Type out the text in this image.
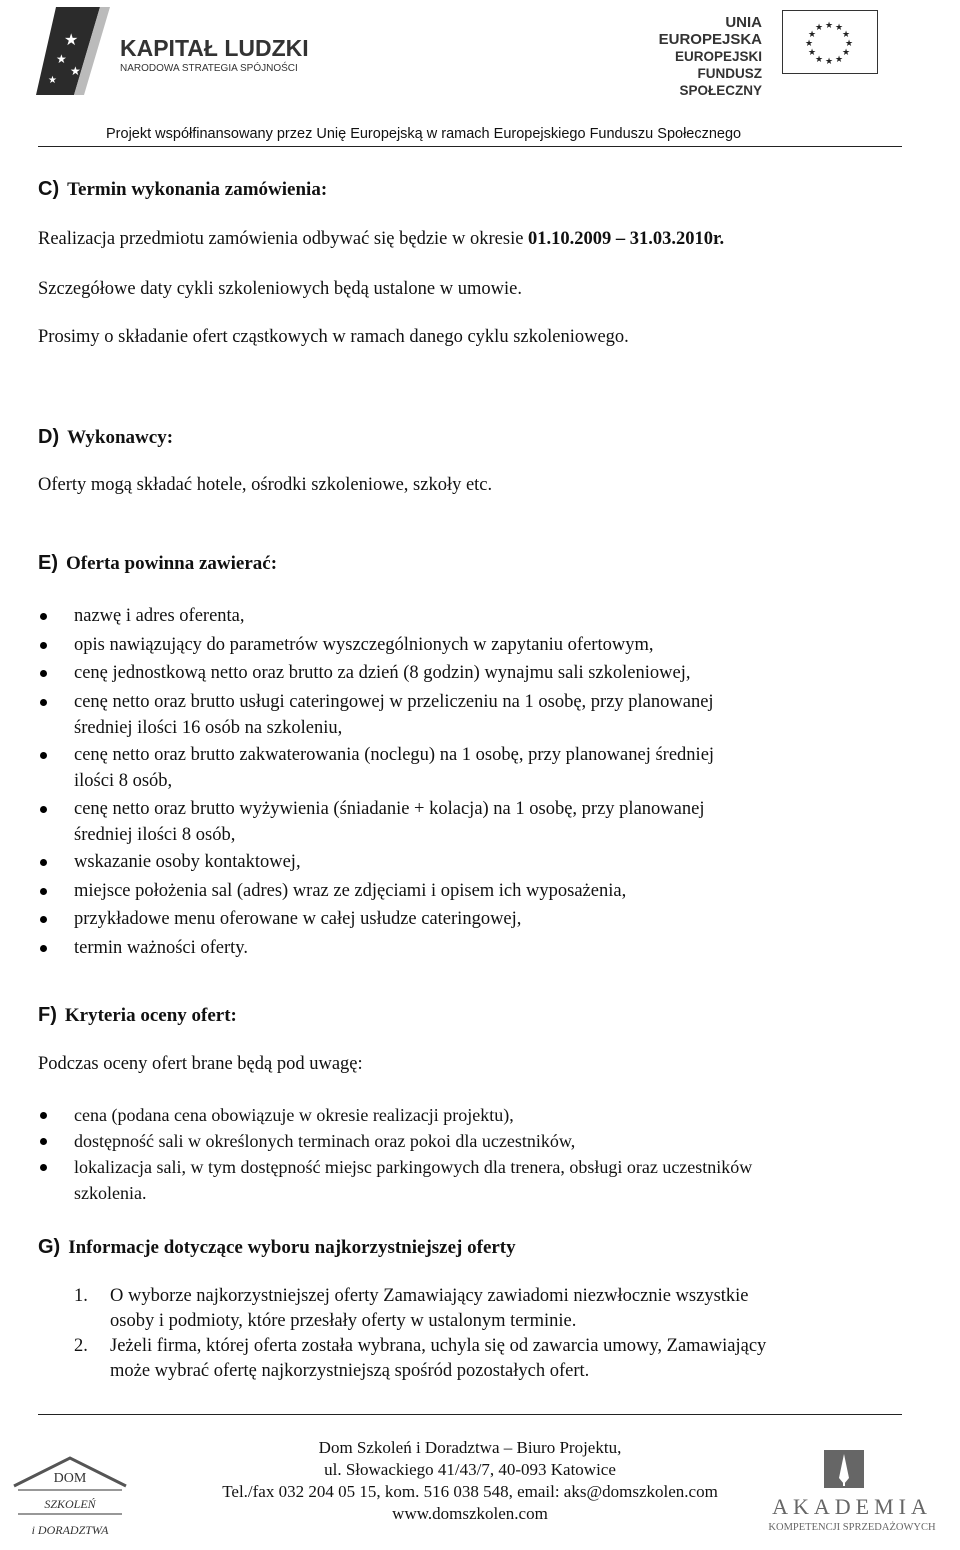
★
★
★
★
KAPITAŁ LUDZKI
NARODOWA STRATEGIA SPÓJNOŚCI
UNIA EUROPEJSKA
EUROPEJSKI
FUNDUSZ SPOŁECZNY
★ ★
★
★
★
★
★
★
★
★
★
★
Projekt współfinansowany przez Unię Europejską w ramach Europejskiego Funduszu Społecznego
C) Termin wykonania zamówienia:
Realizacja przedmiotu zamówienia odbywać się będzie w okresie 01.10.2009 – 31.03.2010r.
Szczegółowe daty cykli szkoleniowych będą ustalone w umowie.
Prosimy o składanie ofert cząstkowych w ramach danego cyklu szkoleniowego.
D) Wykonawcy:
Oferty mogą składać hotele, ośrodki szkoleniowe, szkoły etc.
E) Oferta powinna zawierać:
nazwę i adres oferenta,
opis nawiązujący do parametrów wyszczególnionych w zapytaniu ofertowym,
cenę jednostkową netto oraz brutto za dzień (8 godzin) wynajmu sali szkoleniowej,
cenę netto oraz brutto usługi cateringowej w przeliczeniu na 1 osobę, przy planowanej
średniej ilości 16 osób na szkoleniu,
cenę netto oraz brutto zakwaterowania (noclegu) na 1 osobę, przy planowanej średniej
ilości 8 osób,
cenę netto oraz brutto wyżywienia (śniadanie + kolacja) na 1 osobę, przy planowanej
średniej ilości 8 osób,
wskazanie osoby kontaktowej,
miejsce położenia sal (adres) wraz ze zdjęciami i opisem ich wyposażenia,
przykładowe menu oferowane w całej usłudze cateringowej,
termin ważności oferty.
F) Kryteria oceny ofert:
Podczas oceny ofert brane będą pod uwagę:
cena (podana cena obowiązuje w okresie realizacji projektu),
dostępność sali w określonych terminach oraz pokoi dla uczestników,
lokalizacja sali, w tym dostępność miejsc parkingowych dla trenera, obsługi oraz uczestników
szkolenia.
G) Informacje dotyczące wyboru najkorzystniejszej oferty
1. O wyborze najkorzystniejszej oferty Zamawiający zawiadomi niezwłocznie wszystkie
osoby i podmioty, które przesłały oferty w ustalonym terminie.
2. Jeżeli firma, której oferta została wybrana, uchyla się od zawarcia umowy, Zamawiający
może wybrać ofertę najkorzystniejszą spośród pozostałych ofert.
DOM
SZKOLEŃ
i DORADZTWA
Dom Szkoleń i Doradztwa – Biuro Projektu,
ul. Słowackiego 41/43/7, 40-093 Katowice
Tel./fax 032 204 05 15, kom. 516 038 548, email: aks@domszkolen.com
www.domszkolen.com	AKADEMIA
KOMPETENCJI SPRZEDAŻOWYCH
